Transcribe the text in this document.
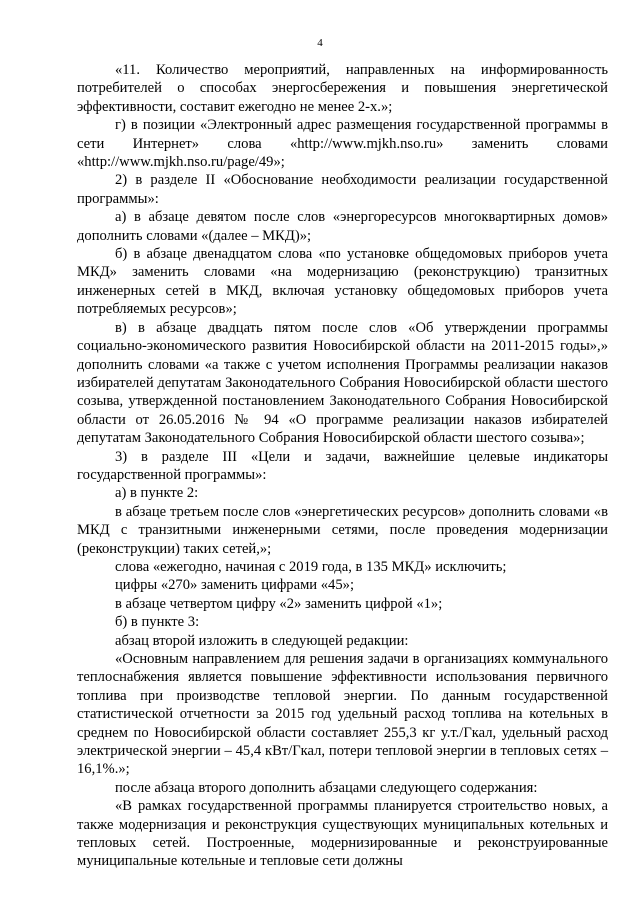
4

«11. Количество мероприятий, направленных на информированность потребителей о способах энергосбережения и повышения энергетической эффективности, составит ежегодно не менее 2-х.»;

г) в позиции «Электронный адрес размещения государственной программы в сети Интернет» слова «http://www.mjkh.nso.ru» заменить словами «http://www.mjkh.nso.ru/page/49»;

2) в разделе II «Обоснование необходимости реализации государственной программы»:

а) в абзаце девятом после слов «энергоресурсов многоквартирных домов» дополнить словами «(далее – МКД)»;

б) в абзаце двенадцатом слова «по установке общедомовых приборов учета МКД» заменить словами «на модернизацию (реконструкцию) транзитных инженерных сетей в МКД, включая установку общедомовых приборов учета потребляемых ресурсов»;

в) в абзаце двадцать пятом после слов «Об утверждении программы социально-экономического развития Новосибирской области на 2011-2015 годы»,» дополнить словами «а также с учетом исполнения Программы реализации наказов избирателей депутатам Законодательного Собрания Новосибирской области шестого созыва, утвержденной постановлением Законодательного Собрания Новосибирской области от 26.05.2016 № 94 «О программе реализации наказов избирателей депутатам Законодательного Собрания Новосибирской области шестого созыва»;

3) в разделе III «Цели и задачи, важнейшие целевые индикаторы государственной программы»:

а) в пункте 2:

в абзаце третьем после слов «энергетических ресурсов» дополнить словами «в МКД с транзитными инженерными сетями, после проведения модернизации (реконструкции) таких сетей,»;

слова «ежегодно, начиная с 2019 года, в 135 МКД» исключить;

цифры «270» заменить цифрами «45»;

в абзаце четвертом цифру «2» заменить цифрой «1»;

б) в пункте 3:

абзац второй изложить в следующей редакции:

«Основным направлением для решения задачи в организациях коммунального теплоснабжения является повышение эффективности использования первичного топлива при производстве тепловой энергии. По данным государственной статистической отчетности за 2015 год удельный расход топлива на котельных в среднем по Новосибирской области составляет 255,3 кг у.т./Гкал, удельный расход электрической энергии – 45,4 кВт/Гкал, потери тепловой энергии в тепловых сетях – 16,1%.»;

после абзаца второго дополнить абзацами следующего содержания:

«В рамках государственной программы планируется строительство новых, а также модернизация и реконструкция существующих муниципальных котельных и тепловых сетей. Построенные, модернизированные и реконструированные муниципальные котельные и тепловые сети должны
